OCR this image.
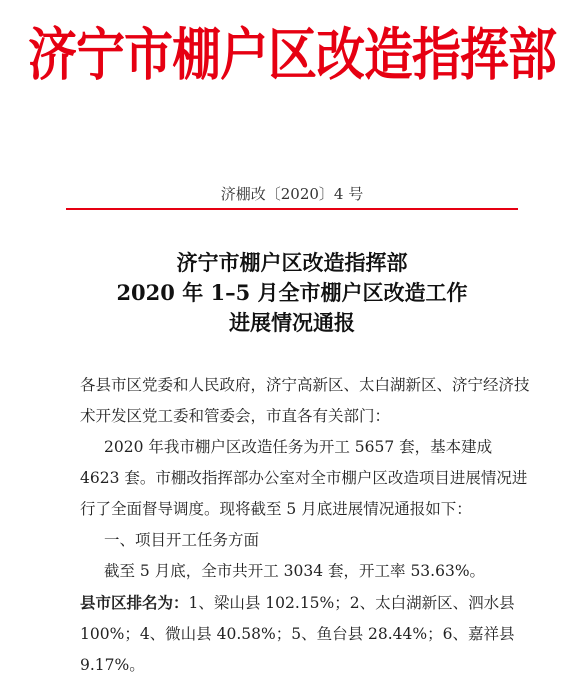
济宁市棚户区改造指挥部
济棚改〔2020〕4 号
济宁市棚户区改造指挥部
2020 年 1–5 月全市棚户区改造工作
进展情况通报
各县市区党委和人民政府，济宁高新区、太白湖新区、济宁经济技术开发区党工委和管委会，市直各有关部门：
2020 年我市棚户区改造任务为开工 5657 套，基本建成 4623 套。市棚改指挥部办公室对全市棚户区改造项目进展情况进行了全面督导调度。现将截至 5 月底进展情况通报如下：
一、项目开工任务方面
截至 5 月底，全市共开工 3034 套，开工率 53.63%。
县市区排名为：1、梁山县 102.15%；2、太白湖新区、泗水县 100%；4、微山县 40.58%；5、鱼台县 28.44%；6、嘉祥县 9.17%。
